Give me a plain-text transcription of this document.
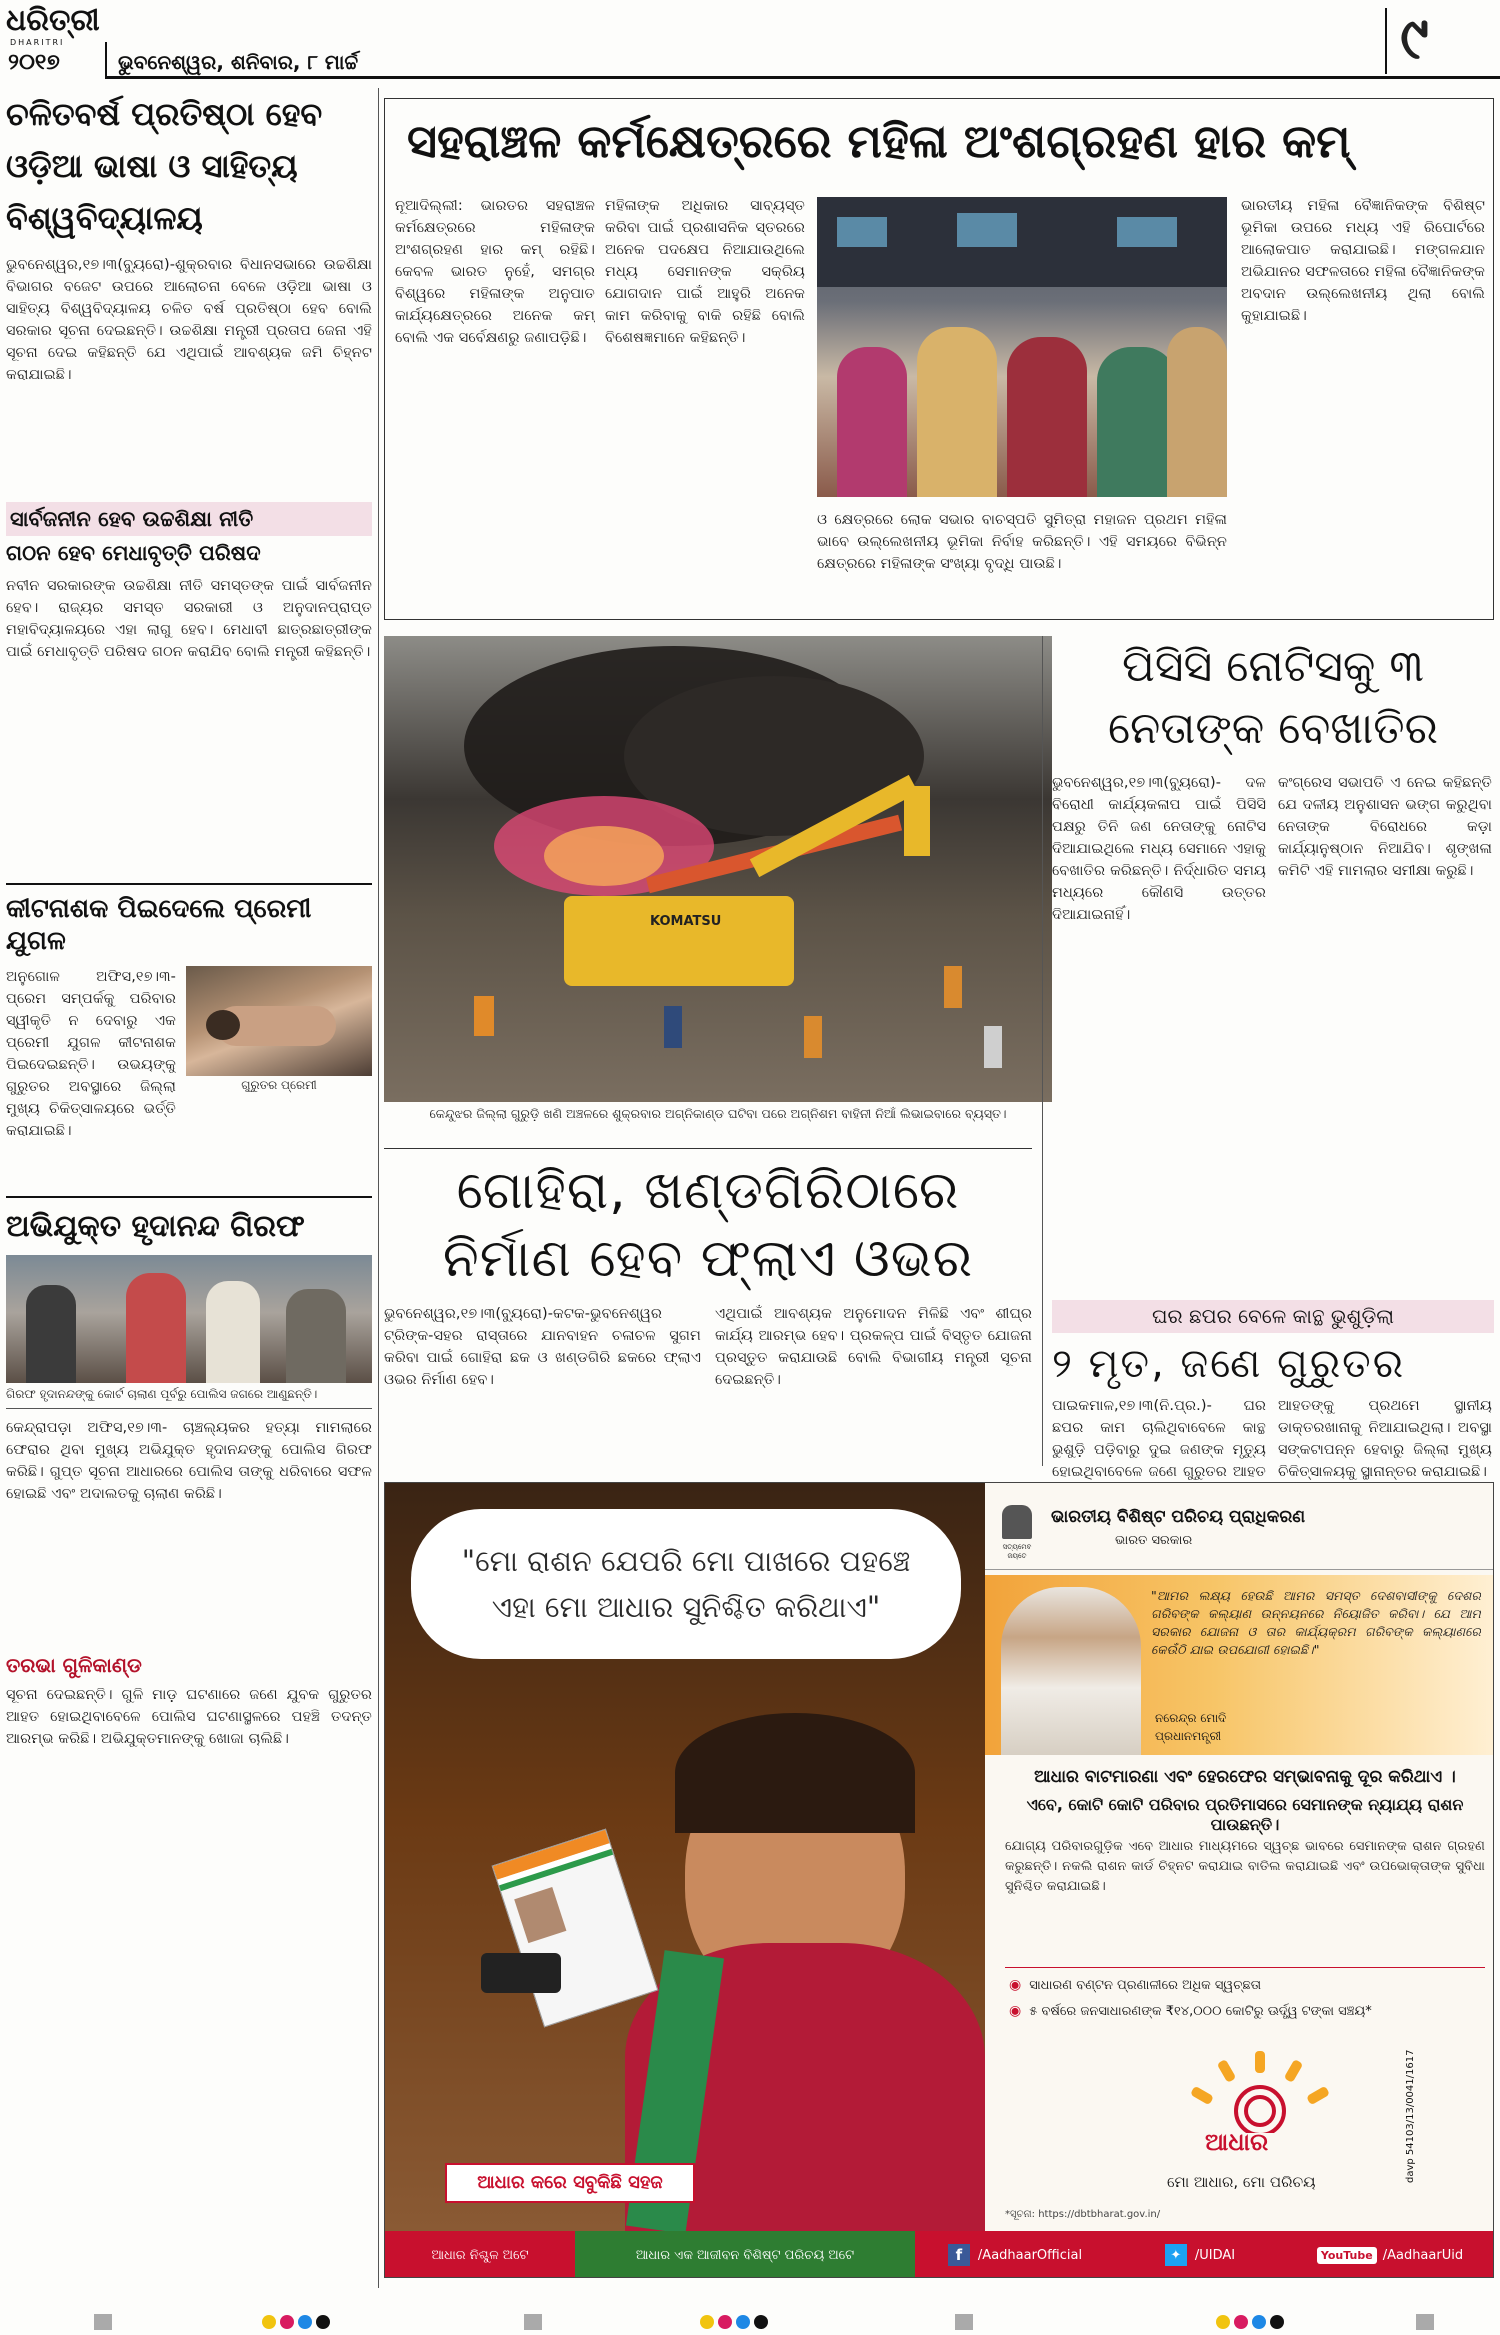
ଧରିତ୍ରୀ
DHARITRI
୨୦୧୭	ଭୁବନେଶ୍ୱର, ଶନିବାର, ୮ ମାର୍ଚ୍ଚ	୯
ଚଳିତବର୍ଷ ପ୍ରତିଷ୍ଠା ହେବ ଓଡ଼ିଆ ଭାଷା ଓ ସାହିତ୍ୟ ବିଶ୍ୱବିଦ୍ୟାଳୟ
ଭୁବନେଶ୍ୱର,୧୭।୩(ବ୍ୟୁରୋ)-ଶୁକ୍ରବାର ବିଧାନସଭାରେ ଉଚ୍ଚଶିକ୍ଷା ବିଭାଗର ବଜେଟ ଉପରେ ଆଲୋଚନା ବେଳେ ଓଡ଼ିଆ ଭାଷା ଓ ସାହିତ୍ୟ ବିଶ୍ୱବିଦ୍ୟାଳୟ ଚଳିତ ବର୍ଷ ପ୍ରତିଷ୍ଠା ହେବ ବୋଲି ସରକାର ସୂଚନା ଦେଇଛନ୍ତି। ଉଚ୍ଚଶିକ୍ଷା ମନ୍ତ୍ରୀ ପ୍ରତାପ ଜେନା ଏହି ସୂଚନା ଦେଇ କହିଛନ୍ତି ଯେ ଏଥିପାଇଁ ଆବଶ୍ୟକ ଜମି ଚିହ୍ନଟ କରାଯାଇଛି।
ସାର୍ବଜନୀନ ହେବ ଉଚ୍ଚଶିକ୍ଷା ନୀତି
ଗଠନ ହେବ ମେଧାବୃତ୍ତି ପରିଷଦ
ନବୀନ ସରକାରଙ୍କ ଉଚ୍ଚଶିକ୍ଷା ନୀତି ସମସ୍ତଙ୍କ ପାଇଁ ସାର୍ବଜନୀନ ହେବ। ରାଜ୍ୟର ସମସ୍ତ ସରକାରୀ ଓ ଅନୁଦାନପ୍ରାପ୍ତ ମହାବିଦ୍ୟାଳୟରେ ଏହା ଲାଗୁ ହେବ। ମେଧାବୀ ଛାତ୍ରଛାତ୍ରୀଙ୍କ ପାଇଁ ମେଧାବୃତ୍ତି ପରିଷଦ ଗଠନ କରାଯିବ ବୋଲି ମନ୍ତ୍ରୀ କହିଛନ୍ତି।
କୀଟନାଶକ ପିଇଦେଲେ ପ୍ରେମୀ ଯୁଗଳ
ଅନୁଗୋଳ ଅଫିସ,୧୭।୩- ପ୍ରେମ ସମ୍ପର୍କକୁ ପରିବାର ସ୍ୱୀକୃତି ନ ଦେବାରୁ ଏକ ପ୍ରେମୀ ଯୁଗଳ କୀଟନାଶକ ପିଇଦେଇଛନ୍ତି। ଉଭୟଙ୍କୁ ଗୁରୁତର ଅବସ୍ଥାରେ ଜିଲ୍ଲା ମୁଖ୍ୟ ଚିକିତ୍ସାଳୟରେ ଭର୍ତ୍ତି କରାଯାଇଛି।
ଗୁରୁତର ପ୍ରେମୀ
ଅଭିଯୁକ୍ତ ହୃଦାନନ୍ଦ ଗିରଫ
ଗିରଫ ହୃଦାନନ୍ଦଙ୍କୁ କୋର୍ଟ ଚାଲାଣ ପୂର୍ବରୁ ପୋଲିସ ଜଗରେ ଆଣୁଛନ୍ତି।
କେନ୍ଦ୍ରାପଡ଼ା ଅଫିସ,୧୭।୩- ଚାଞ୍ଚଲ୍ୟକର ହତ୍ୟା ମାମଲାରେ ଫେରାର ଥିବା ମୁଖ୍ୟ ଅଭିଯୁକ୍ତ ହୃଦାନନ୍ଦଙ୍କୁ ପୋଲିସ ଗିରଫ କରିଛି। ଗୁପ୍ତ ସୂଚନା ଆଧାରରେ ପୋଲିସ ତାଙ୍କୁ ଧରିବାରେ ସଫଳ ହୋଇଛି ଏବଂ ଅଦାଲତକୁ ଚାଲାଣ କରିଛି।
ତରଭା ଗୁଳିକାଣ୍ଡ
ସୂଚନା ଦେଇଛନ୍ତି। ଗୁଳି ମାଡ଼ ଘଟଣାରେ ଜଣେ ଯୁବକ ଗୁରୁତର ଆହତ ହୋଇଥିବାବେଳେ ପୋଲିସ ଘଟଣାସ୍ଥଳରେ ପହଞ୍ଚି ତଦନ୍ତ ଆରମ୍ଭ କରିଛି। ଅଭିଯୁକ୍ତମାନଙ୍କୁ ଖୋଜା ଚାଲିଛି।
ସହରାଞ୍ଚଳ କର୍ମକ୍ଷେତ୍ରରେ ମହିଳା ଅଂଶଗ୍ରହଣ ହାର କମ୍
ନୂଆଦିଲ୍ଲୀ: ଭାରତର ସହରାଞ୍ଚଳ କର୍ମକ୍ଷେତ୍ରରେ ମହିଳାଙ୍କ ଅଂଶଗ୍ରହଣ ହାର କମ୍ ରହିଛି। କେବଳ ଭାରତ ନୁହେଁ, ସମଗ୍ର ବିଶ୍ୱରେ ମହିଳାଙ୍କ ଅନୁପାତ କାର୍ଯ୍ୟକ୍ଷେତ୍ରରେ ଅନେକ କମ୍ ବୋଲି ଏକ ସର୍ବେକ୍ଷଣରୁ ଜଣାପଡ଼ିଛି।
ମହିଳାଙ୍କ ଅଧିକାର ସାବ୍ୟସ୍ତ କରିବା ପାଇଁ ପ୍ରଶାସନିକ ସ୍ତରରେ ଅନେକ ପଦକ୍ଷେପ ନିଆଯାଉଥିଲେ ମଧ୍ୟ ସେମାନଙ୍କ ସକ୍ରିୟ ଯୋଗଦାନ ପାଇଁ ଆହୁରି ଅନେକ କାମ କରିବାକୁ ବାକି ରହିଛି ବୋଲି ବିଶେଷଜ୍ଞମାନେ କହିଛନ୍ତି।
ଓ କ୍ଷେତ୍ରରେ ଲୋକ ସଭାର ବାଚସ୍ପତି ସୁମିତ୍ରା ମହାଜନ ପ୍ରଥମ ମହିଳା ଭାବେ ଉଲ୍ଲେଖନୀୟ ଭୂମିକା ନିର୍ବାହ କରିଛନ୍ତି। ଏହି ସମୟରେ ବିଭିନ୍ନ କ୍ଷେତ୍ରରେ ମହିଳାଙ୍କ ସଂଖ୍ୟା ବୃଦ୍ଧି ପାଉଛି।
ଭାରତୀୟ ମହିଳା ବୈଜ୍ଞାନିକଙ୍କ ବିଶିଷ୍ଟ ଭୂମିକା ଉପରେ ମଧ୍ୟ ଏହି ରିପୋର୍ଟରେ ଆଲୋକପାତ କରାଯାଇଛି। ମଙ୍ଗଳଯାନ ଅଭିଯାନର ସଫଳତାରେ ମହିଳା ବୈଜ୍ଞାନିକଙ୍କ ଅବଦାନ ଉଲ୍ଲେଖନୀୟ ଥିଲା ବୋଲି କୁହାଯାଇଛି।
KOMATSU
କେନ୍ଦୁଝର ଜିଲ୍ଲା ଗୁରୁଡ଼ି ଖଣି ଅଞ୍ଚଳରେ ଶୁକ୍ରବାର ଅଗ୍ନିକାଣ୍ଡ ଘଟିବା ପରେ ଅଗ୍ନିଶମ ବାହିନୀ ନିଆଁ ଲିଭାଇବାରେ ବ୍ୟସ୍ତ।
ଗୋହିରା, ଖଣ୍ଡଗିରିଠାରେ ନିର୍ମାଣ ହେବ ଫ୍ଲାଏ ଓଭର
ଭୁବନେଶ୍ୱର,୧୭।୩(ବ୍ୟୁରୋ)-କଟକ-ଭୁବନେଶ୍ୱର ଟ୍ରିଙ୍କ-ସହର ରାସ୍ତାରେ ଯାନବାହନ ଚଳାଚଳ ସୁଗମ କରିବା ପାଇଁ ଗୋହିରା ଛକ ଓ ଖଣ୍ଡଗିରି ଛକରେ ଫ୍ଲାଏ ଓଭର ନିର୍ମାଣ ହେବ।
ଏଥିପାଇଁ ଆବଶ୍ୟକ ଅନୁମୋଦନ ମିଳିଛି ଏବଂ ଶୀଘ୍ର କାର୍ଯ୍ୟ ଆରମ୍ଭ ହେବ। ପ୍ରକଳ୍ପ ପାଇଁ ବିସ୍ତୃତ ଯୋଜନା ପ୍ରସ୍ତୁତ କରାଯାଉଛି ବୋଲି ବିଭାଗୀୟ ମନ୍ତ୍ରୀ ସୂଚନା ଦେଇଛନ୍ତି।
ପିସିସି ନୋଟିସକୁ ୩ ନେତାଙ୍କ ବେଖାତିର
ଭୁବନେଶ୍ୱର,୧୭।୩(ବ୍ୟୁରୋ)- ଦଳ ବିରୋଧୀ କାର୍ଯ୍ୟକଳାପ ପାଇଁ ପିସିସି ପକ୍ଷରୁ ତିନି ଜଣ ନେତାଙ୍କୁ ନୋଟିସ ଦିଆଯାଇଥିଲେ ମଧ୍ୟ ସେମାନେ ଏହାକୁ ବେଖାତିର କରିଛନ୍ତି। ନିର୍ଦ୍ଧାରିତ ସମୟ ମଧ୍ୟରେ କୌଣସି ଉତ୍ତର ଦିଆଯାଇନାହିଁ।
କଂଗ୍ରେସ ସଭାପତି ଏ ନେଇ କହିଛନ୍ତି ଯେ ଦଳୀୟ ଅନୁଶାସନ ଭଙ୍ଗ କରୁଥିବା ନେତାଙ୍କ ବିରୋଧରେ କଡ଼ା କାର୍ଯ୍ୟାନୁଷ୍ଠାନ ନିଆଯିବ। ଶୃଙ୍ଖଳା କମିଟି ଏହି ମାମଲାର ସମୀକ୍ଷା କରୁଛି।
ଘର ଛପର ବେଳେ କାନ୍ଥ ଭୁଶୁଡ଼ିଲା
୨ ମୃତ, ଜଣେ ଗୁରୁତର
ପାଇକମାଳ,୧୭।୩(ନି.ପ୍ର.)- ଘର ଛପର କାମ ଚାଲିଥିବାବେଳେ କାନ୍ଥ ଭୁଶୁଡ଼ି ପଡ଼ିବାରୁ ଦୁଇ ଜଣଙ୍କ ମୃତ୍ୟୁ ହୋଇଥିବାବେଳେ ଜଣେ ଗୁରୁତର ଆହତ
ଆହତଙ୍କୁ ପ୍ରଥମେ ସ୍ଥାନୀୟ ଡାକ୍ତରଖାନାକୁ ନିଆଯାଇଥିଲା। ଅବସ୍ଥା ସଙ୍କଟାପନ୍ନ ହେବାରୁ ଜିଲ୍ଲା ମୁଖ୍ୟ ଚିକିତ୍ସାଳୟକୁ ସ୍ଥାନାନ୍ତର କରାଯାଇଛି।
"ମୋ ରାଶନ ଯେପରି ମୋ ପାଖରେ ପହଞ୍ଚେ ଏହା ମୋ ଆଧାର ସୁନିଶ୍ଚିତ କରିଥାଏ"
ଆଧାର କରେ ସବୁକିଛି ସହଜ
ସତ୍ୟମେବ ଜୟତେ
ଭାରତୀୟ ବିଶିଷ୍ଟ ପରିଚୟ ପ୍ରାଧିକରଣ
ଭାରତ ସରକାର
"ଆମର ଲକ୍ଷ୍ୟ ହେଉଛି ଆମର ସମସ୍ତ ଦେଶବାସୀଙ୍କୁ ଦେଶର ଗରିବଙ୍କ କଲ୍ୟାଣ ଉନ୍ନୟନରେ ନିୟୋଜିତ କରିବା। ଯେ ଆମ ସରକାର ଯୋଜନା ଓ ତାର କାର୍ଯ୍ୟକ୍ରମ ଗରିବଙ୍କ କଲ୍ୟାଣରେ କେଉଁଠି ଯାଇ ଉପଯୋଗୀ ହୋଇଛି।"
ନରେନ୍ଦ୍ର ମୋଦି
ପ୍ରଧାନମନ୍ତ୍ରୀ
ଆଧାର ବାଟମାରଣା ଏବଂ ହେରଫେର ସମ୍ଭାବନାକୁ ଦୂର କରିଥାଏ ।
ଏବେ, କୋଟି କୋଟି ପରିବାର ପ୍ରତିମାସରେ ସେମାନଙ୍କ ନ୍ୟାଯ୍ୟ ରାଶନ ପାଉଛନ୍ତି।
ଯୋଗ୍ୟ ପରିବାରଗୁଡ଼ିକ ଏବେ ଆଧାର ମାଧ୍ୟମରେ ସ୍ୱଚ୍ଛ ଭାବରେ ସେମାନଙ୍କ ରାଶନ ଗ୍ରହଣ କରୁଛନ୍ତି। ନକଲି ରାଶନ କାର୍ଡ ଚିହ୍ନଟ କରାଯାଇ ବାତିଲ କରାଯାଇଛି ଏବଂ ଉପଭୋକ୍ତାଙ୍କ ସୁବିଧା ସୁନିଶ୍ଚିତ କରାଯାଇଛି।
◉ ସାଧାରଣ ବଣ୍ଟନ ପ୍ରଣାଳୀରେ ଅଧିକ ସ୍ୱଚ୍ଛତା
◉ ୫ ବର୍ଷରେ ଜନସାଧାରଣଙ୍କ ₹୧୪,୦୦୦ କୋଟିରୁ ଊର୍ଦ୍ଧ୍ୱ ଟଙ୍କା ସଞ୍ଚୟ*
ଆଧାର
ମୋ ଆଧାର, ମୋ ପରିଚୟ
*ସୂଚନା: https://dbtbharat.gov.in/
davp 54103/13/0041/1617
ଆଧାର ନିଶ୍ଚୁଳ ଅଟେ	ଆଧାର ଏକ ଆଜୀବନ ବିଶିଷ୍ଟ ପରିଚୟ ଅଟେ	f	/AadhaarOfficial	✦	/UIDAI	YouTube /AadhaarUid
